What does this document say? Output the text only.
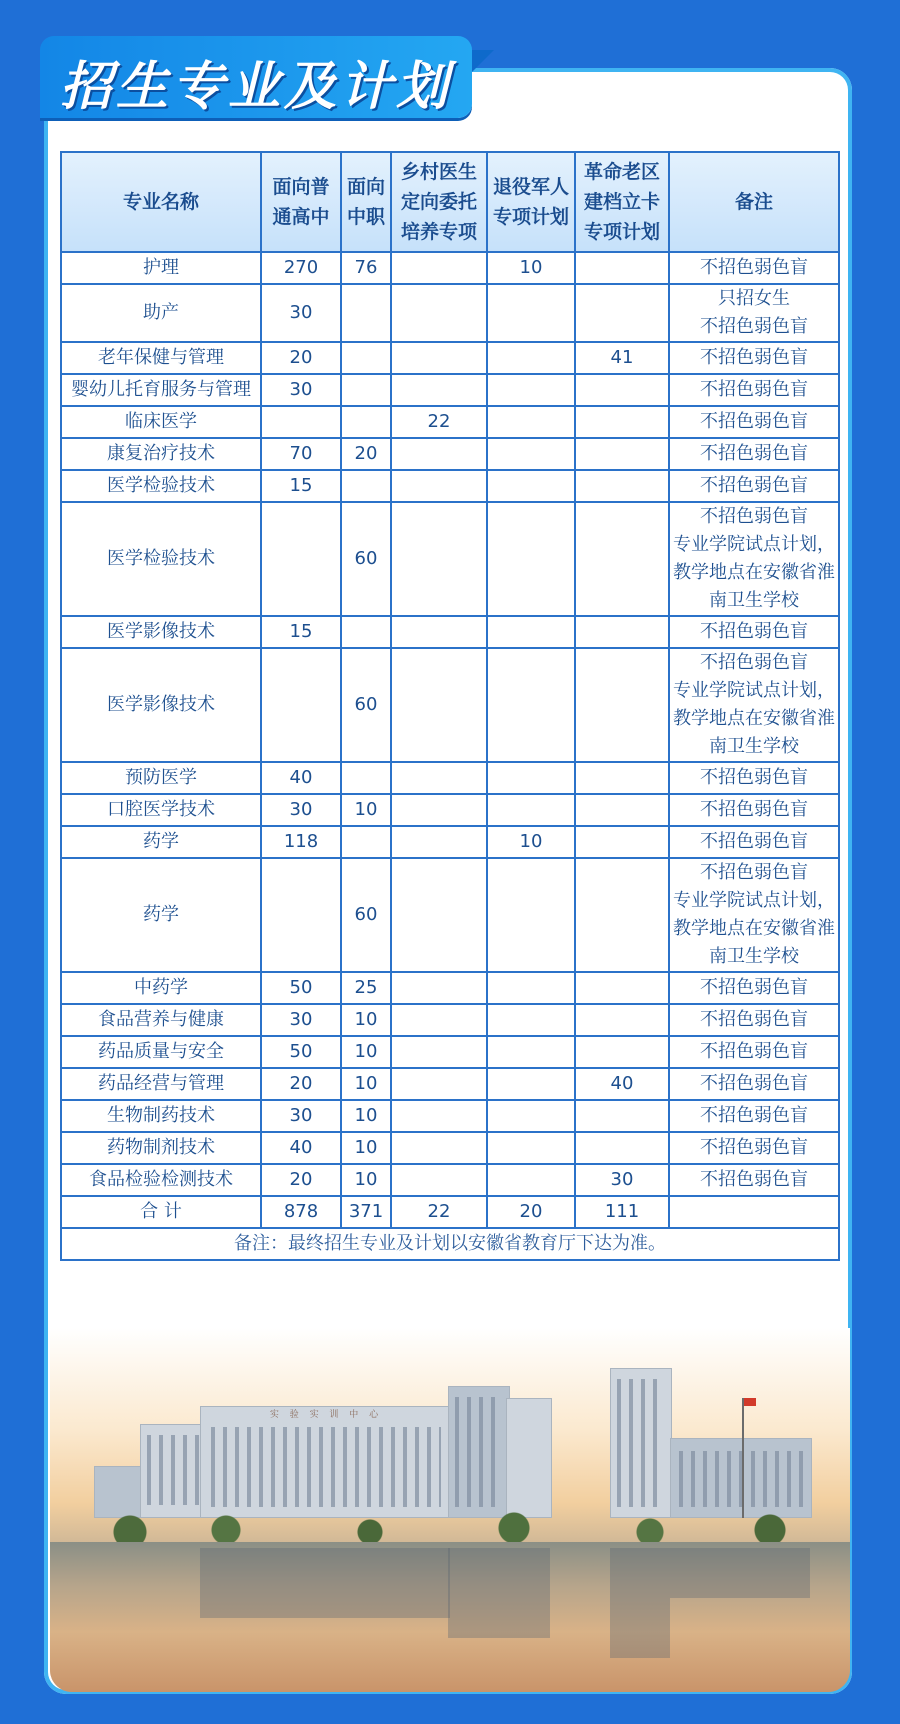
招生专业及计划
专业名称	面向普通高中	面向中职	乡村医生定向委托培养专项	退役军人专项计划	革命老区建档立卡专项计划	备注
护理	270	76		10		不招色弱色盲

助产	30					只招女生
不招色弱色盲

老年保健与管理	20				41	不招色弱色盲

婴幼儿托育服务与管理	30					不招色弱色盲

临床医学			22			不招色弱色盲

康复治疗技术	70	20				不招色弱色盲

医学检验技术	15					不招色弱色盲

医学检验技术		60				不招色弱色盲
专业学院试点计划，教学地点在安徽省淮南卫生学校

医学影像技术	15					不招色弱色盲

医学影像技术		60				不招色弱色盲
专业学院试点计划，教学地点在安徽省淮南卫生学校

预防医学	40					不招色弱色盲

口腔医学技术	30	10				不招色弱色盲

药学	118			10		不招色弱色盲

药学		60				不招色弱色盲
专业学院试点计划，教学地点在安徽省淮南卫生学校

中药学	50	25				不招色弱色盲

食品营养与健康	30	10				不招色弱色盲

药品质量与安全	50	10				不招色弱色盲

药品经营与管理	20	10			40	不招色弱色盲

生物制药技术	30	10				不招色弱色盲

药物制剂技术	40	10				不招色弱色盲

食品检验检测技术	20	10			30	不招色弱色盲

合 计	878	371	22	20	111	
备注：最终招生专业及计划以安徽省教育厅下达为准。						
实 验 实 训 中 心
